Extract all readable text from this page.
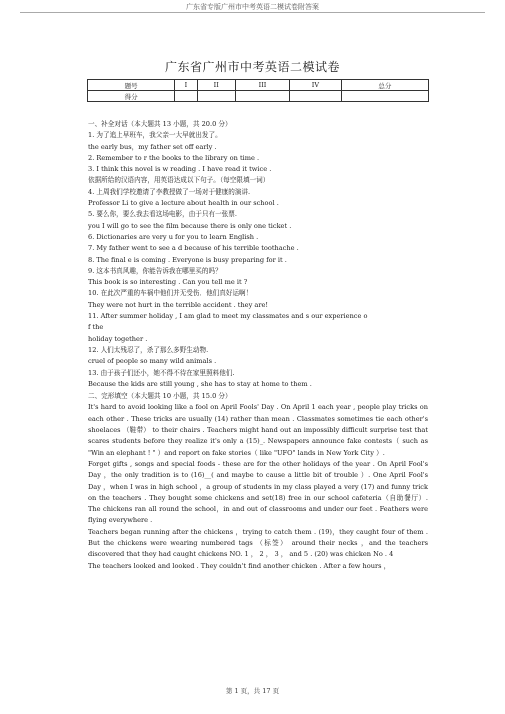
广东省专版广州市中考英语二模试卷附答案
广东省广州市中考英语二模试卷
题号	I	II	III	IV	总分
得分					
一、补全对话（本大题共 13 小题，共 20.0 分）
1. 为了追上早班车，我父亲一大早就出发了。
the early bus，my father set off early .
2. Remember to r the books to the library on time .
3. I think this novel is w reading . I have read it twice .
依据所给的汉语内容，用英语达成以下句子。（每空限填一词）
4. 上周我们学校邀请了李教授做了一场对于健康的演讲.
Professor Li to give a lecture about health in our school .
5. 要么你，要么我去看这场电影，由于只有一张票.
you I will go to see the film because there is only one ticket .
6. Dictionaries are very u for you to learn English .
7. My father went to see a d because of his terrible toothache .
8. The final e is coming . Everyone is busy preparing for it .
9. 这本书真风趣，你能告诉我在哪里买的吗？
This book is so interesting . Can you tell me it ?
10. 在此次严重的车祸中他们并无受伤．他们真好运啊！
They were not hurt in the terrible accident . they are!
11. After summer holiday , I am glad to meet my classmates and s our experience o
f the
holiday together .
12. 人们太残忍了，杀了那么多野生动物.
cruel of people so many wild animals .
13. 由于孩子们还小，她不得不待在家里照料他们.
Because the kids are still young , she has to stay at home to them .
二、完形填空（本大题共 10 小题，共 15.0 分）
It's hard to avoid looking like a fool on April Fools' Day . On April 1 each year , people play tricks on each other . These tricks are usually (14) rather than mean . Classmates sometimes tie each other's shoelaces （鞋带） to their chairs . Teachers might hand out an impossibly difficult surprise test that scares students before they realize it's only a (15)_. Newspapers announce fake contests（ such as "Win an elephant ! " ）and report on fake stories（ like "UFO" lands in New York City ）.
Forget gifts , songs and special foods - these are for the other holidays of the year . On April Fool's Day ，the only tradition is to (16)__( and maybe to cause a little bit of trouble ）. One April Fool's Day ，when I was in high school ，a group of students in my class played a very (17) and funny trick on the teachers . They bought some chickens and set(18) free in our school cafeteria（自助餐厅）. The chickens ran all round the school，in and out of classrooms and under our feet . Feathers were flying everywhere .
Teachers began running after the chickens ，trying to catch them . (19)，they caught four of them . But the chickens were wearing numbered tags （标签） around their necks ，and the teachers discovered that they had caught chickens NO. 1 ， 2 ， 3 ， and 5 . (20) was chicken No . 4
The teachers looked and looked . They couldn't find another chicken . After a few hours ，
第 1 页，共 17 页
